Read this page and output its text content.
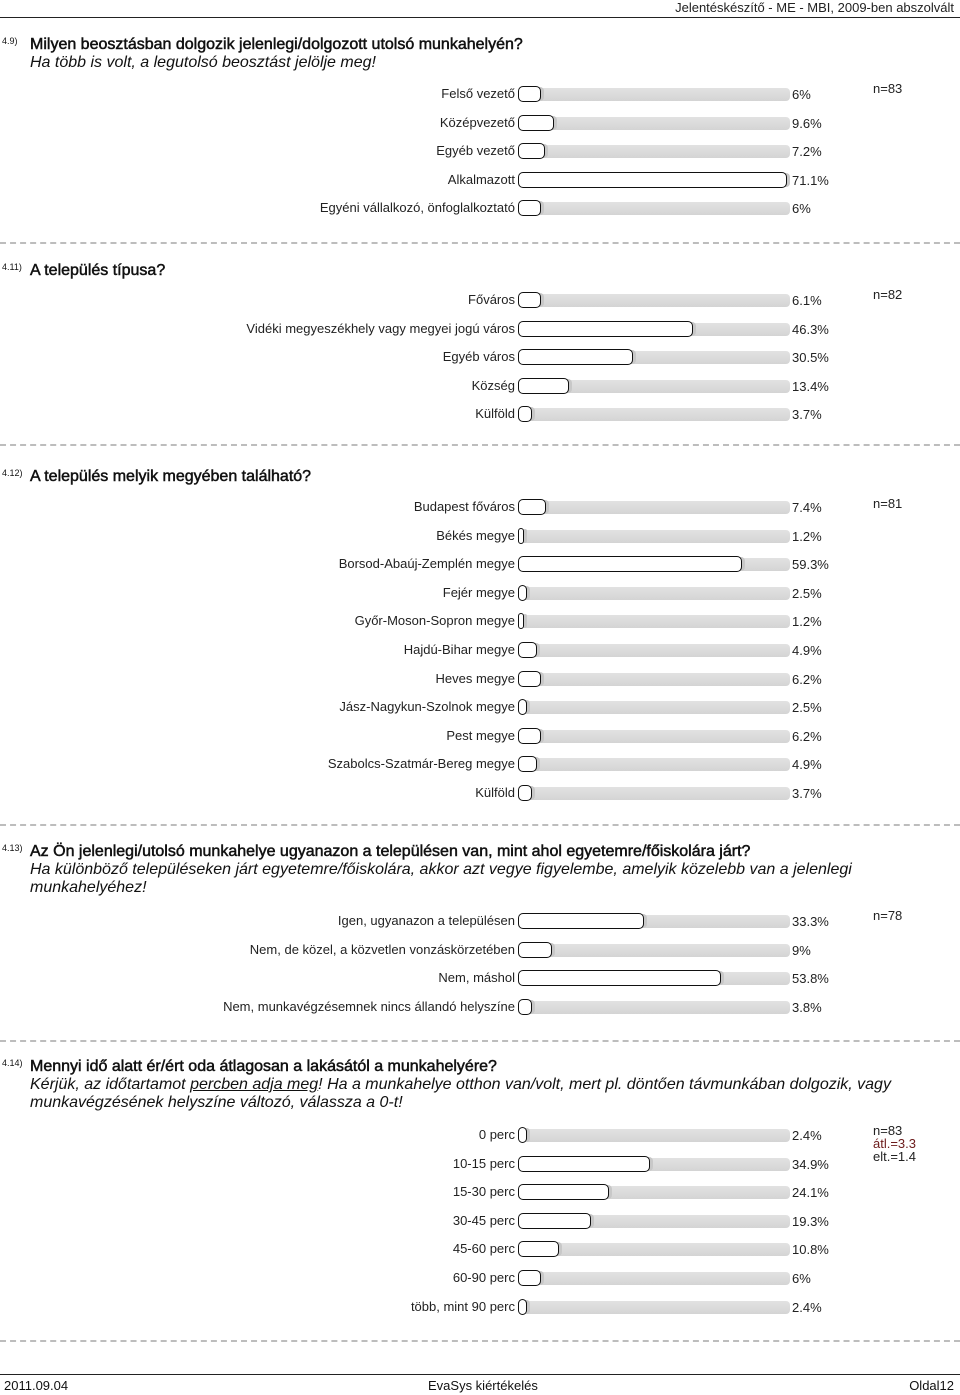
Jelentéskészítő - ME - MBI, 2009-ben abszolvált
4.9) Milyen beosztásban dolgozik jelenlegi/dolgozott utolsó munkahelyén?
Ha több is volt, a legutolsó beosztást jelölje meg!
n=83
Felső vezető	6%
Középvezető	9.6%
Egyéb vezető	7.2%
Alkalmazott	71.1%
Egyéni vállalkozó, önfoglalkoztató	6%
4.11) A település típusa?
n=82
Főváros	6.1%
Vidéki megyeszékhely vagy megyei jogú város	46.3%
Egyéb város	30.5%
Község	13.4%
Külföld	3.7%
4.12) A település melyik megyében található?
n=81
Budapest főváros	7.4%
Békés megye	1.2%
Borsod-Abaúj-Zemplén megye	59.3%
Fejér megye	2.5%
Győr-Moson-Sopron megye	1.2%
Hajdú-Bihar megye	4.9%
Heves megye	6.2%
Jász-Nagykun-Szolnok megye	2.5%
Pest megye	6.2%
Szabolcs-Szatmár-Bereg megye	4.9%
Külföld	3.7%
4.13) Az Ön jelenlegi/utolsó munkahelye ugyanazon a településen van, mint ahol egyetemre/főiskolára járt?
Ha különböző településeken járt egyetemre/főiskolára, akkor azt vegye figyelembe, amelyik közelebb van a jelenlegi munkahelyéhez!
n=78
Igen, ugyanazon a településen	33.3%
Nem, de közel, a közvetlen vonzáskörzetében	9%
Nem, máshol	53.8%
Nem, munkavégzésemnek nincs állandó helyszíne	3.8%
4.14) Mennyi idő alatt ér/ért oda átlagosan a lakásától a munkahelyére?
Kérjük, az időtartamot percben adja meg! Ha a munkahelye otthon van/volt, mert pl. döntően távmunkában dolgozik, vagy munkavégzésének helyszíne változó, válassza a 0-t!
n=83
átl.=3.3
elt.=1.4
0 perc	2.4%
10-15 perc	34.9%
15-30 perc	24.1%
30-45 perc	19.3%
45-60 perc	10.8%
60-90 perc	6%
több, mint 90 perc	2.4%
2011.09.04	EvaSys kiértékelés	Oldal12
